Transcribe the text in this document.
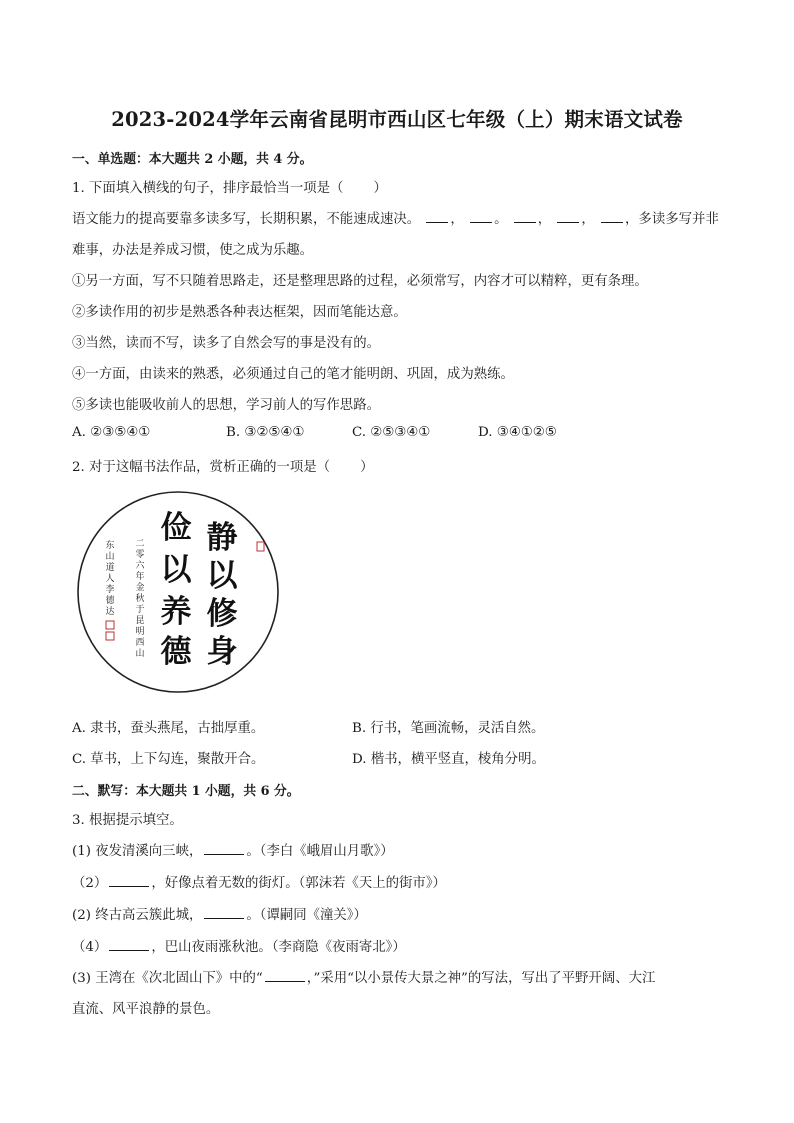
2023-2024学年云南省昆明市西山区七年级（上）期末语文试卷
一、单选题：本大题共 2 小题，共 4 分。
1. 下面填入横线的句子，排序最恰当一项是（ ）
语文能力的提高要靠多读多写，长期积累，不能速成速决。 ， 。 ， ， ，多读多写并非
难事，办法是养成习惯，使之成为乐趣。
①另一方面，写不只随着思路走，还是整理思路的过程，必须常写，内容才可以精粹，更有条理。
②多读作用的初步是熟悉各种表达框架，因而笔能达意。
③当然，读而不写，读多了自然会写的事是没有的。
④一方面，由读来的熟悉，必须通过自己的笔才能明朗、巩固，成为熟练。
⑤多读也能吸收前人的思想，学习前人的写作思路。
A. ②③⑤④①	B. ③②⑤④①	C. ②⑤③④①	D. ③④①②⑤
2. 对于这幅书法作品，赏析正确的一项是（ ）
静
以
修
身
俭
以
养
德
二
零
六
年
金
秋
于
昆
明
西
山
东
山
道
人
李
德
达
A. 隶书，蚕头燕尾，古拙厚重。	B. 行书，笔画流畅，灵活自然。
C. 草书，上下勾连，聚散开合。	D. 楷书，横平竖直，棱角分明。
二、默写：本大题共 1 小题，共 6 分。
3. 根据提示填空。
(1) 夜发清溪向三峡，	。（李白《峨眉山月歌》）
（2）	，好像点着无数的街灯。（郭沫若《天上的街市》）
(2) 终古高云簇此城，	。（谭嗣同《潼关》）
（4）	，巴山夜雨涨秋池。（李商隐《夜雨寄北》）
(3) 王湾在《次北固山下》中的“	，”采用“以小景传大景之神”的写法，写出了平野开阔、大江
直流、风平浪静的景色。
